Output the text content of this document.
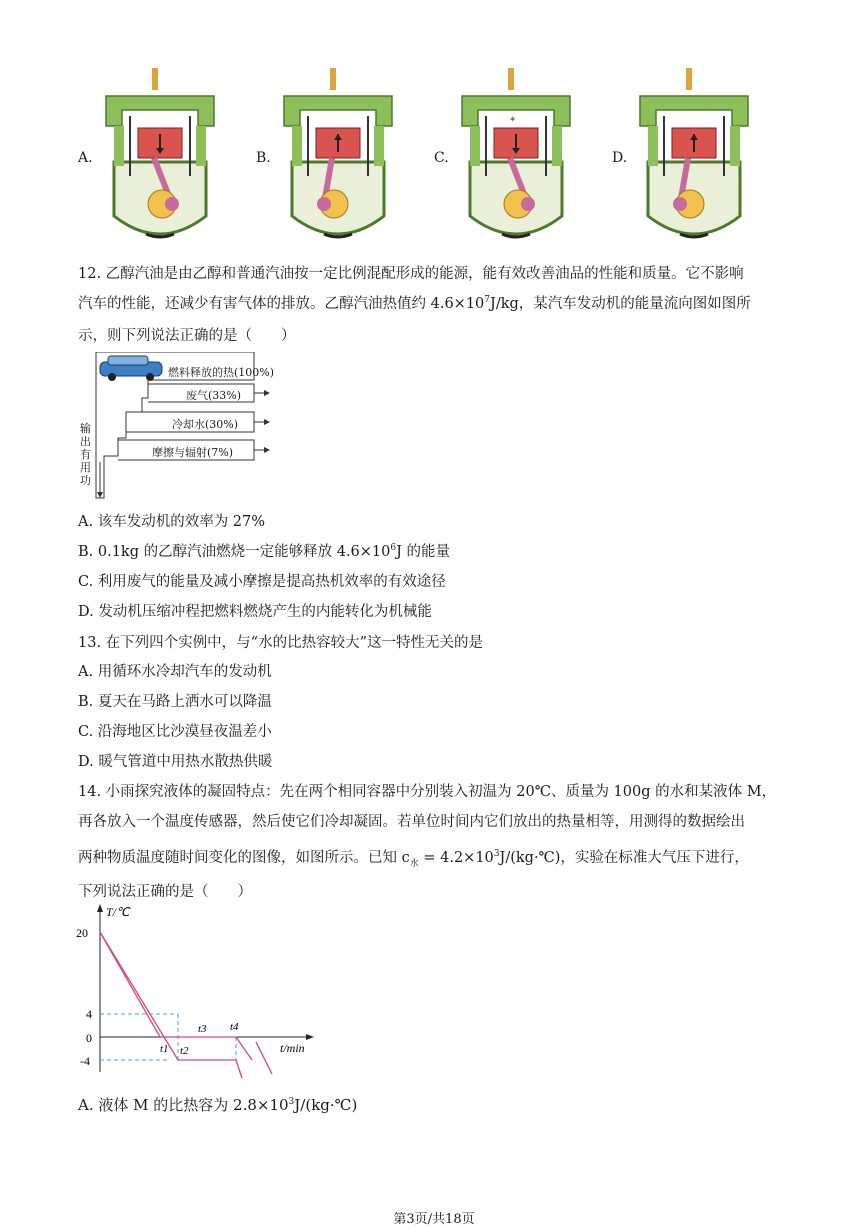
A.	B.	C.	D.
*
12. 乙醇汽油是由乙醇和普通汽油按一定比例混配形成的能源，能有效改善油品的性能和质量。它不影响
汽车的性能，还减少有害气体的排放。乙醇汽油热值约 $4.6\times 10^7J/kg$，某汽车发动机的能量流向图如图所
示，则下列说法正确的是（　　）
燃料释放的热(100%)
废气(33%)
冷却水(30%)
摩擦与辐射(7%)
输
出
有
用
功
A. 该车发动机的效率为 27%
B. 0.1kg 的乙醇汽油燃烧一定能够释放 $4.6\times 10^6J$ 的能量
C. 利用废气的能量及减小摩擦是提高热机效率的有效途径
D. 发动机压缩冲程把燃料燃烧产生的内能转化为机械能
13. 在下列四个实例中，与“水的比热容较大”这一特性无关的是
A. 用循环水冷却汽车的发动机
B. 夏天在马路上洒水可以降温
C. 沿海地区比沙漠昼夜温差小
D. 暖气管道中用热水散热供暖
14. 小雨探究液体的凝固特点：先在两个相同容器中分别装入初温为 20℃、质量为 100g 的水和某液体 M，
再各放入一个温度传感器，然后使它们冷却凝固。若单位时间内它们放出的热量相等，用测得的数据绘出
两种物质温度随时间变化的图像，如图所示。已知 $c_水$ = $4.2\times 10^3J/(kg\cdot℃)$，实验在标准大气压下进行，
下列说法正确的是（　　）
T/℃
t/min
20
4
0
-4
t1 t2
t3 t4
A. 液体 M 的比热容为 $2.8\times 10^3J/(kg\cdot℃)$
第3页/共18页
